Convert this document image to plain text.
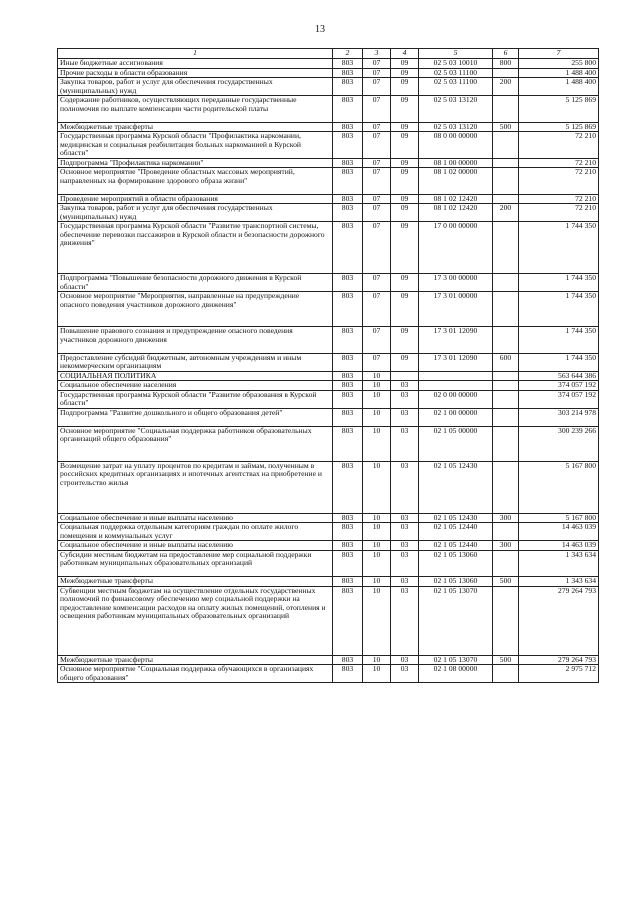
13
1	2	3	4	5	6	7
Иные бюджетные ассигнования	803	07	09	02 5 03 10010	800	255 800
Прочие расходы в области образования	803	07	09	02 5 03 11100		1 488 400
Закупка товаров, работ и услуг для обеспечения государственных (муниципальных) нужд	803	07	09	02 5 03 11100	200	1 488 400
Содержание работников, осуществляющих переданные государственные полномочия по выплате компенсации части родительской платы	803	07	09	02 5 03 13120		5 125 869
Межбюджетные трансферты	803	07	09	02 5 03 13120	500	5 125 869
Государственная программа Курской области "Профилактика наркомании, медицинская и социальная реабилитация больных наркоманией в Курской области"	803	07	09	08 0 00 00000		72 210
Подпрограмма "Профилактика наркомании"	803	07	09	08 1 00 00000		72 210
Основное мероприятие "Проведение областных массовых мероприятий, направленных на формирование здорового образа жизни"	803	07	09	08 1 02 00000		72 210
Проведение мероприятий в области образования	803	07	09	08 1 02 12420		72 210
Закупка товаров, работ и услуг для обеспечения государственных (муниципальных) нужд	803	07	09	08 1 02 12420	200	72 210
Государственная программа Курской области "Развитие транспортной системы, обеспечение перевозки пассажиров в Курской области и безопасности дорожного движения"	803	07	09	17 0 00 00000		1 744 350
Подпрограмма "Повышение безопасности дорожного движения в Курской области"	803	07	09	17 3 00 00000		1 744 350
Основное мероприятие "Мероприятия, направленные на предупреждение опасного поведения участников дорожного движения"	803	07	09	17 3 01 00000		1 744 350
Повышение правового сознания и предупреждение опасного поведения участников дорожного движения	803	07	09	17 3 01 12090		1 744 350
Предоставление субсидий бюджетным, автономным учреждениям и иным некоммерческим организациям	803	07	09	17 3 01 12090	600	1 744 350
СОЦИАЛЬНАЯ ПОЛИТИКА	803	10				563 644 386
Социальное обеспечение населения	803	10	03			374 057 192
Государственная программа Курской области "Развитие образования в Курской области"	803	10	03	02 0 00 00000		374 057 192
Подпрограмма "Развитие дошкольного и общего образования детей"	803	10	03	02 1 00 00000		303 214 978
Основное мероприятие "Социальная поддержка работников образовательных организаций общего образования"	803	10	03	02 1 05 00000		300 239 266
Возмещение затрат на уплату процентов по кредитам и займам, полученным в российских кредитных организациях и ипотечных агентствах на приобретение и строительство жилья	803	10	03	02 1 05 12430		5 167 800
Социальное обеспечение и иные выплаты населению	803	10	03	02 1 05 12430	300	5 167 800
Социальная поддержка отдельным категориям граждан по оплате жилого помещения и коммунальных услуг	803	10	03	02 1 05 12440		14 463 039
Социальное обеспечение и иные выплаты населению	803	10	03	02 1 05 12440	300	14 463 039
Субсидии местным бюджетам на предоставление мер социальной поддержки работникам муниципальных образовательных организаций	803	10	03	02 1 05 13060		1 343 634
Межбюджетные трансферты	803	10	03	02 1 05 13060	500	1 343 634
Субвенции местным бюджетам на осуществление отдельных государственных полномочий по финансовому обеспечению мер социальной поддержки на предоставление компенсации расходов на оплату жилых помещений, отопления и освещения работникам муниципальных образовательных организаций	803	10	03	02 1 05 13070		279 264 793
Межбюджетные трансферты	803	10	03	02 1 05 13070	500	279 264 793
Основное мероприятие "Социальная поддержка обучающихся в организациях общего образования"	803	10	03	02 1 08 00000		2 975 712
